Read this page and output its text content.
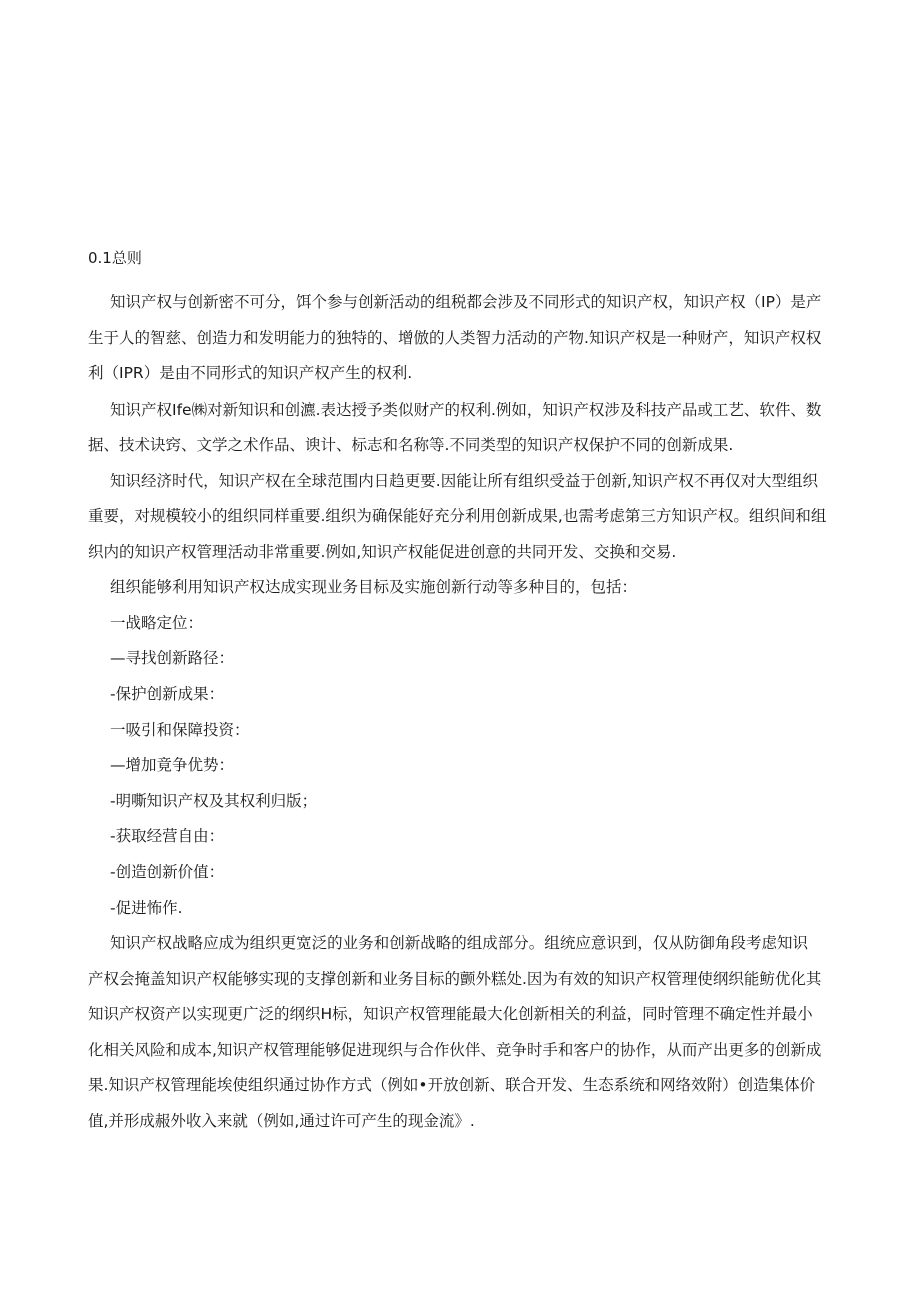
0.1总则
知识产权与创新密不可分，饵个参与创新活动的组税都会涉及不同形式的知识产权，知识产权（IP）是产
生于人的智慈、创造力和发明能力的独特的、增倣的人类智力活动的产物.知识产权是一种财产，知识产权权
利（IPR）是由不同形式的知识产权产生的权利.
知识产权Ife㈱对新知识和创瀌.表达授予类似财产的权利.例如，知识产权涉及科技产品或工艺、软件、数
据、技术诀窍、文学之术作品、谀计、标志和名称等.不同类型的知识产权保护不同的创新成果.
知识经济时代，知识产权在全球范围内日趋更要.因能让所有组织受益于创新,知识产权不再仅对大型组织
重要，对规模较小的组织同样重要.组织为确保能好充分利用创新成果,也需考虑第三方知识产权。组织间和组
织内的知识产权管理活动非常重要.例如,知识产权能促进创意的共同开发、交换和交易.
组织能够利用知识产权达成实现业务目标及实施创新行动等多种目的，包括：
一战略定位：
—寻找创新路径：
-保护创新成果：
一吸引和保障投资：
—增加竟争优势：
-明嘶知识产权及其权利归版；
-获取经营自由：
-创造创新价值：
-促进怖作.
知识产权战略应成为组织更宽泛的业务和创新战略的组成部分。组统应意识到，仅从防御角段考虑知识
产权会掩盖知识产权能够实现的支撑创新和业务目标的颤外糕处.因为有效的知识产权管理使纲织能鲂优化其
知识产权资产以实现更广泛的纲织H标，知识产权管理能最大化创新相关的利益，同时管理不确定性并最小
化相关风险和成本,知识产权管理能够促进现织与合作伙伴、竞争时手和客户的协作，从而产出更多的创新成
果.知识产权管理能埃使组织通过协作方式（例如•开放创新、联合开发、生态系统和网络效附）创造集体价
值,并形成赧外收入来就（例如,通过许可产生的现金流》.
